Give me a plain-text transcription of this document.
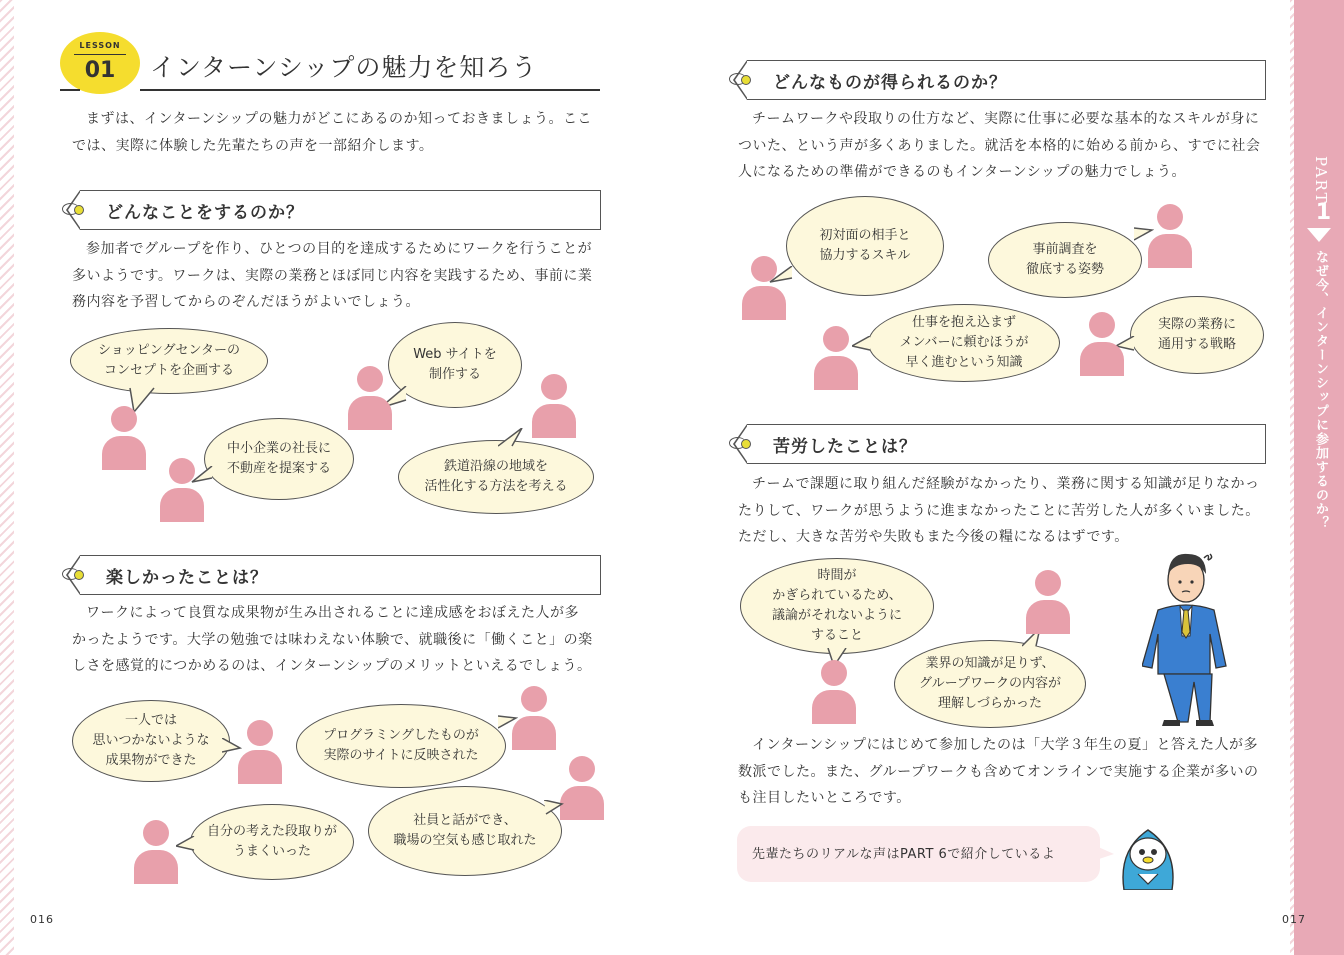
LESSON
01	インターンシップの魅力を知ろう
まずは、インターンシップの魅力がどこにあるのか知っておきましょう。ここ
では、実際に体験した先輩たちの声を一部紹介します。
どんなことをするのか？
参加者でグループを作り、ひとつの目的を達成するためにワークを行うことが
多いようです。ワークは、実際の業務とほぼ同じ内容を実践するため、事前に業
務内容を予習してからのぞんだほうがよいでしょう。
ショッピングセンターの
コンセプトを企画する
Web サイトを
制作する
中小企業の社長に
不動産を提案する	鉄道沿線の地域を
活性化する方法を考える
楽しかったことは？
ワークによって良質な成果物が生み出されることに達成感をおぼえた人が多
かったようです。大学の勉強では味わえない体験で、就職後に「働くこと」の楽
しさを感覚的につかめるのは、インターンシップのメリットといえるでしょう。
一人では
思いつかないような
成果物ができた
プログラミングしたものが
実際のサイトに反映された
自分の考えた段取りが
うまくいった
社員と話ができ、
職場の空気も感じ取れた
016
PART
1
なぜ今、インターンシップに参加するのか？
どんなものが得られるのか？
チームワークや段取りの仕方など、実際に仕事に必要な基本的なスキルが身に
ついた、という声が多くありました。就活を本格的に始める前から、すでに社会
人になるための準備ができるのもインターンシップの魅力でしょう。
初対面の相手と
協力するスキル	事前調査を
徹底する姿勢
仕事を抱え込まず
メンバーに頼むほうが
早く進むという知識
実際の業務に
通用する戦略
苦労したことは？
チームで課題に取り組んだ経験がなかったり、業務に関する知識が足りなかっ
たりして、ワークが思うように進まなかったことに苦労した人が多くいました。
ただし、大きな苦労や失敗もまた今後の糧になるはずです。
時間が
かぎられているため、
議論がそれないように
すること
業界の知識が足りず、
グループワークの内容が
理解しづらかった
インターンシップにはじめて参加したのは「大学３年生の夏」と答えた人が多
数派でした。また、グループワークも含めてオンラインで実施する企業が多いの
も注目したいところです。
先輩たちのリアルな声はPART 6で紹介しているよ
017
